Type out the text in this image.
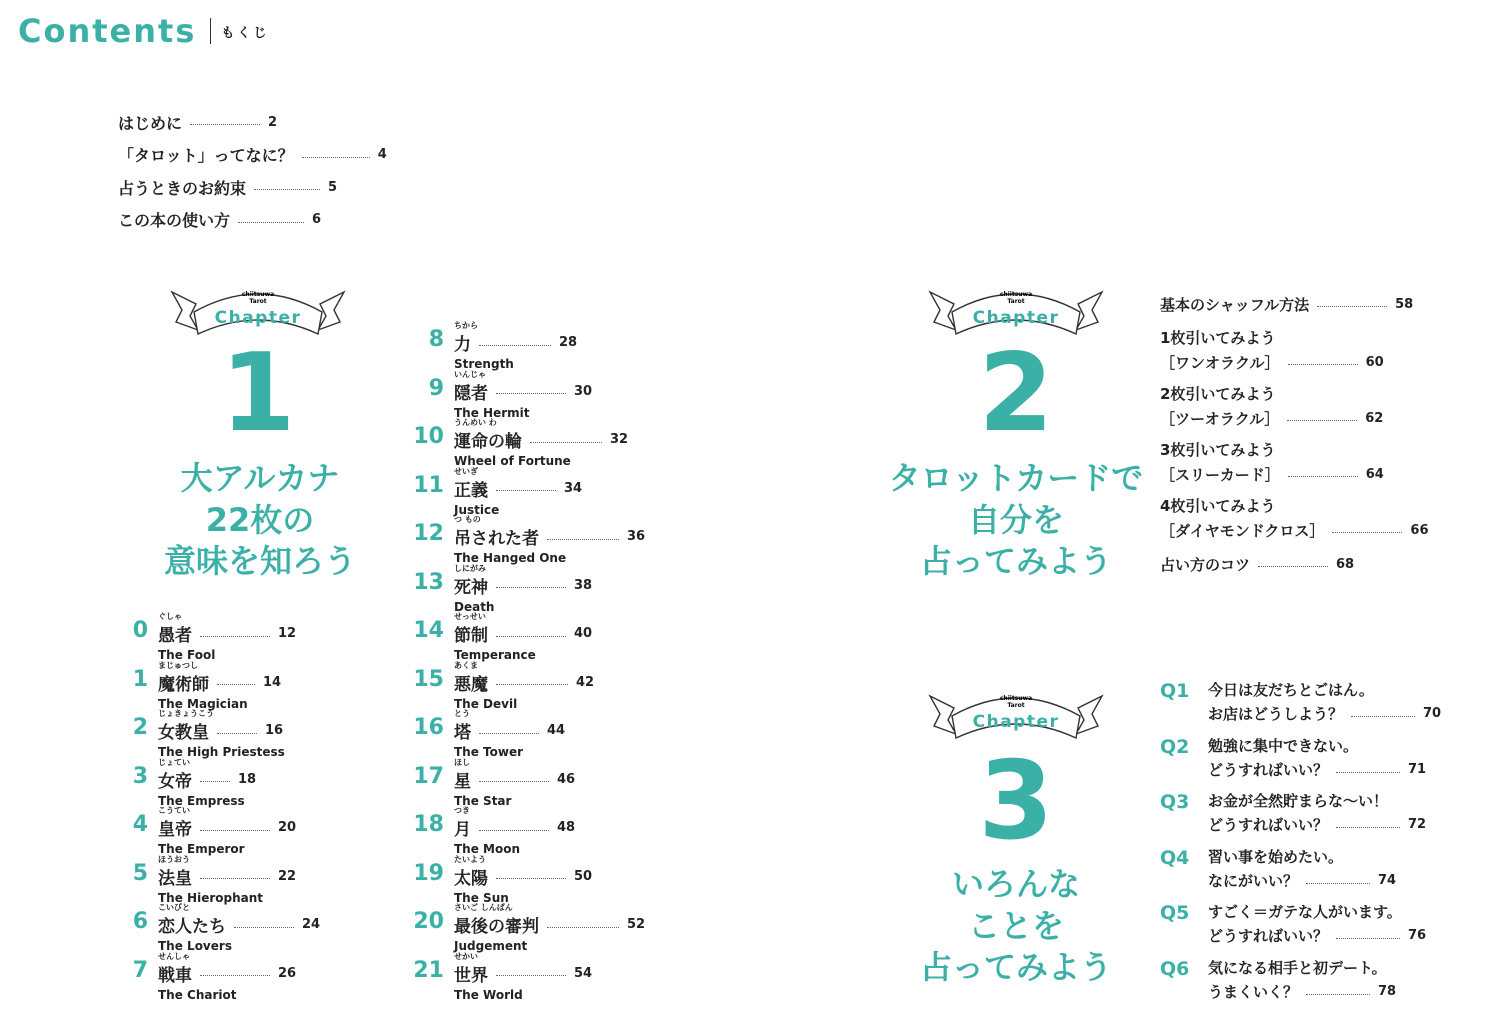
Contents もくじ
はじめに	2
「タロット」ってなに？	4
占うときのお約束	5
この本の使い方	6
chiitsuwa
Tarot
Chapter
chiitsuwa
Tarot
Chapter
chiitsuwa
Tarot
Chapter
1
大アルカナ
22枚の
意味を知ろう
0
ぐしゃ
愚者	12
The Fool
1
まじゅつし
魔術師	14
The Magician
2
じょきょうこう
女教皇	16
The High Priestess
3
じょてい
女帝	18
The Empress
4
こうてい
皇帝	20
The Emperor
5
ほうおう
法皇	22
The Hierophant
6
こいびと
恋人たち	24
The Lovers
7
せんしゃ
戦車	26
The Chariot
8
ちから
力	28
Strength
9
いんじゃ
隠者	30
The Hermit
10
うんめい わ
運命の輪	32
Wheel of Fortune
11
せいぎ
正義	34
Justice
12
つ もの
吊された者	36
The Hanged One
13
しにがみ
死神	38
Death
14
せっせい
節制	40
Temperance
15
あくま
悪魔	42
The Devil
16
とう
塔	44
The Tower
17
ほし
星	46
The Star
18
つき
月	48
The Moon
19
たいよう
太陽	50
The Sun
20
さいご しんぱん
最後の審判	52
Judgement
21
せかい
世界	54
The World
2
タロットカードで
自分を
占ってみよう
基本のシャッフル方法	58
1枚引いてみよう
［ワンオラクル］	60
2枚引いてみよう
［ツーオラクル］	62
3枚引いてみよう
［スリーカード］	64
4枚引いてみよう
［ダイヤモンドクロス］	66
占い方のコツ	68
3
いろんな
ことを
占ってみよう
Q1	今日は友だちとごはん。
お店はどうしよう？	70
Q2	勉強に集中できない。
どうすればいい？	71
Q3	お金が全然貯まらな～い！
どうすればいい？	72
Q4	習い事を始めたい。
なにがいい？	74
Q5	すごく＝ガテな人がいます。
どうすればいい？	76
Q6	気になる相手と初デート。
うまくいく？	78
